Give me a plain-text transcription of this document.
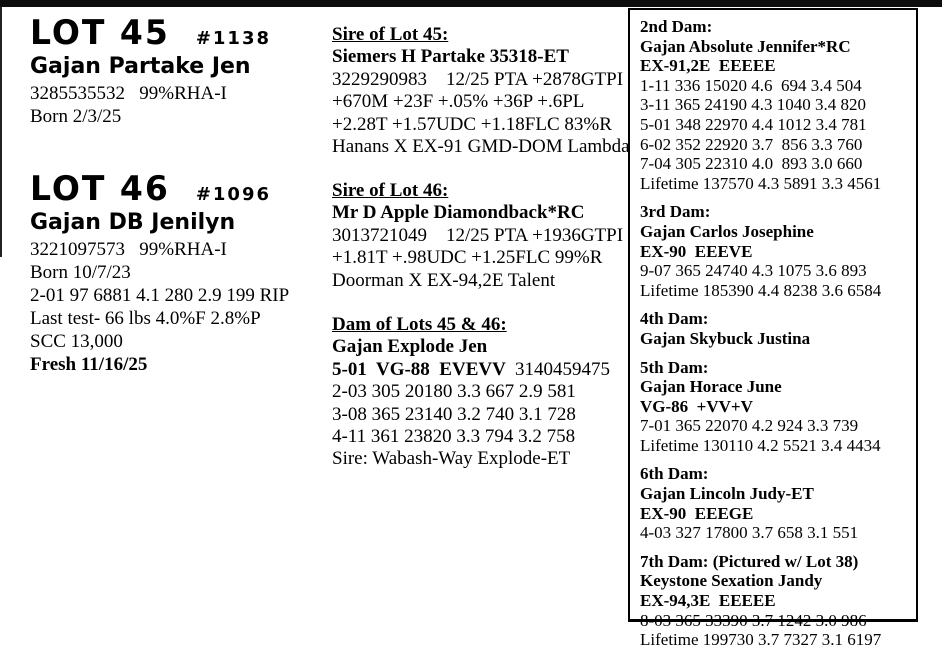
LOT 45 #1138
Gajan Partake Jen
3285535532   99%RHA-I
Born 2/3/25
LOT 46 #1096
Gajan DB Jenilyn
3221097573   99%RHA-I
Born 10/7/23
2-01 97 6881 4.1 280 2.9 199 RIP
Last test- 66 lbs 4.0%F 2.8%P
SCC 13,000
Fresh 11/16/25
Sire of Lot 45:
Siemers H Partake 35318-ET
3229290983    12/25 PTA +2878GTPI
+670M +23F +.05% +36P +.6PL
+2.28T +1.57UDC +1.18FLC 83%R
Hanans X EX-91 GMD-DOM Lambda
Sire of Lot 46:
Mr D Apple Diamondback*RC
3013721049    12/25 PTA +1936GTPI
+1.81T +.98UDC +1.25FLC 99%R
Doorman X EX-94,2E Talent
Dam of Lots 45 & 46:
Gajan Explode Jen
5-01  VG-88  EVEVV  3140459475
2-03 305 20180 3.3 667 2.9 581
3-08 365 23140 3.2 740 3.1 728
4-11 361 23820 3.3 794 3.2 758
Sire: Wabash-Way Explode-ET
2nd Dam:
Gajan Absolute Jennifer*RC
EX-91,2E  EEEEE
1-11 336 15020 4.6  694 3.4 504
3-11 365 24190 4.3 1040 3.4 820
5-01 348 22970 4.4 1012 3.4 781
6-02 352 22920 3.7  856 3.3 760
7-04 305 22310 4.0  893 3.0 660
Lifetime 137570 4.3 5891 3.3 4561
3rd Dam:
Gajan Carlos Josephine
EX-90  EEEVE
9-07 365 24740 4.3 1075 3.6 893
Lifetime 185390 4.4 8238 3.6 6584
4th Dam:
Gajan Skybuck Justina
5th Dam:
Gajan Horace June
VG-86  +VV+V
7-01 365 22070 4.2 924 3.3 739
Lifetime 130110 4.2 5521 3.4 4434
6th Dam:
Gajan Lincoln Judy-ET
EX-90  EEEGE
4-03 327 17800 3.7 658 3.1 551
7th Dam: (Pictured w/ Lot 38)
Keystone Sexation Jandy
EX-94,3E  EEEEE
8-03 365 33390 3.7 1242 3.0 986
Lifetime 199730 3.7 7327 3.1 6197
